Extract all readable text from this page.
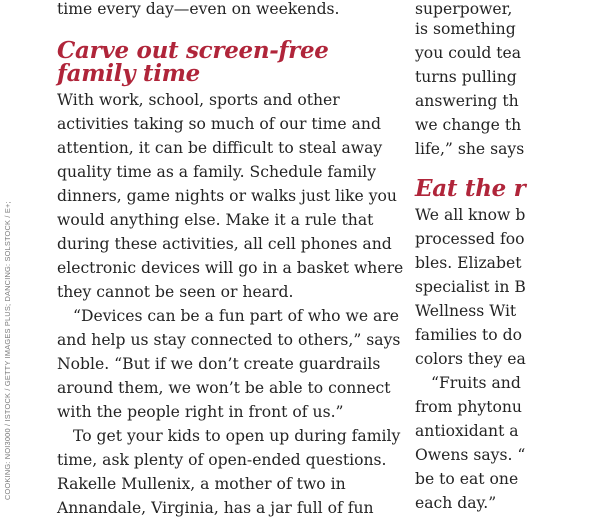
COOKING: NOI3000 / ISTOCK / GETTY IMAGES PLUS; DANCING: SOLSTOCK / E+;
time every day—even on weekends.
Carve out screen-free
family time
With work, school, sports and other
activities taking so much of our time and
attention, it can be difficult to steal away
quality time as a family. Schedule family
dinners, game nights or walks just like you
would anything else. Make it a rule that
during these activities, all cell phones and
electronic devices will go in a basket where
they cannot be seen or heard.
“Devices can be a fun part of who we are
and help us stay connected to others,” says
Noble. “But if we don’t create guardrails
around them, we won’t be able to connect
with the people right in front of us.”
To get your kids to open up during family
time, ask plenty of open-ended questions.
Rakelle Mullenix, a mother of two in
Annandale, Virginia, has a jar full of fun
superpower,
is something
you could tea
turns pulling
answering th
we change th
life,” she says
Eat the r
We all know b
processed foo
bles. Elizabet
specialist in B
Wellness Wit
families to do
colors they ea
“Fruits and
from phytonu
antioxidant a
Owens says. “
be to eat one
each day.”
